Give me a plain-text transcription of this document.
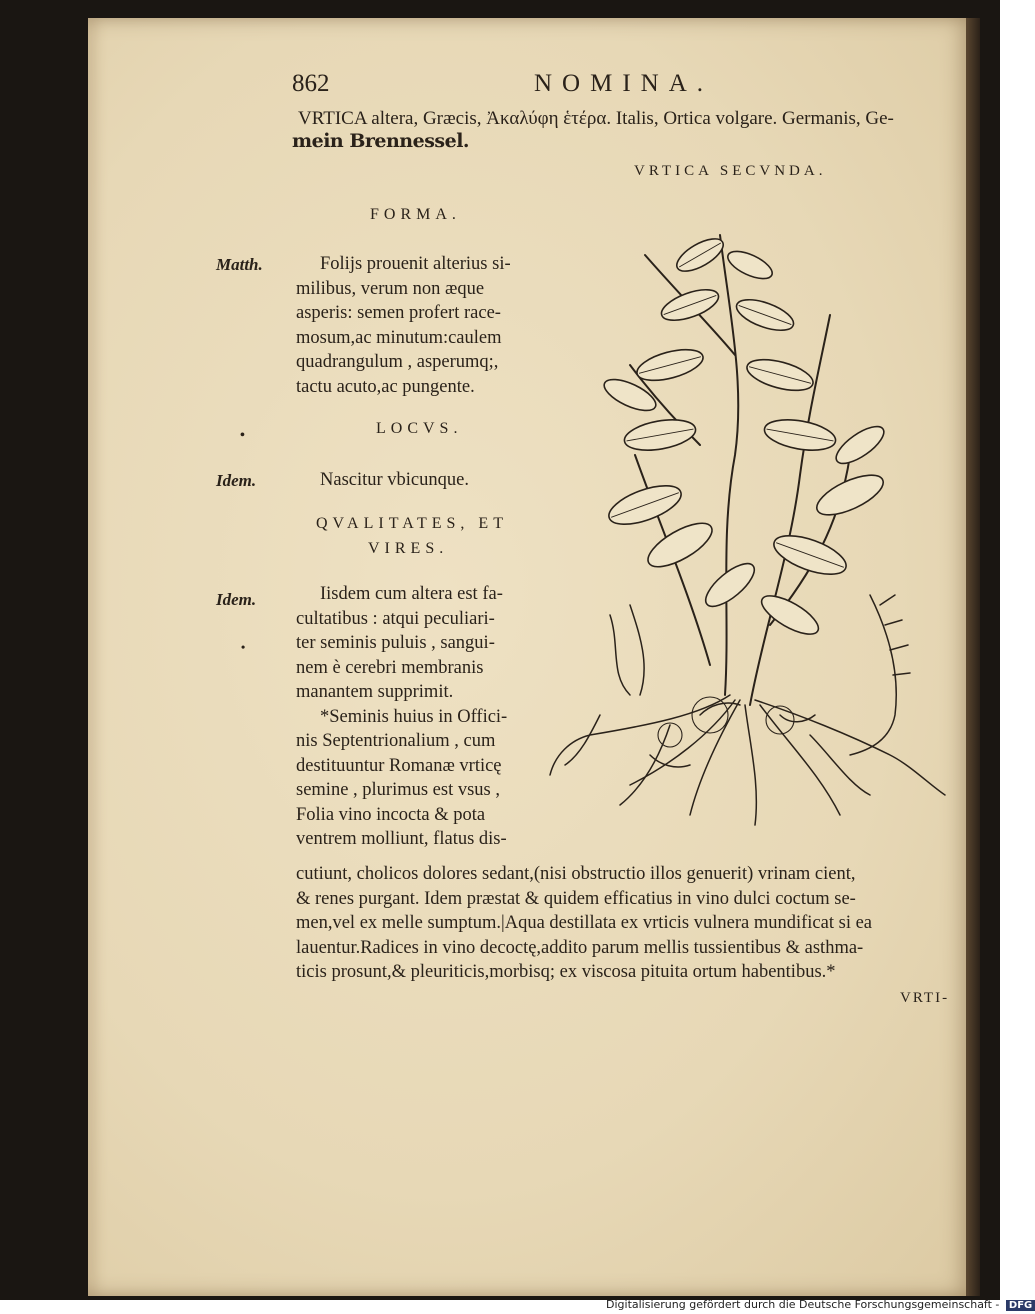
862	NOMINA.
VRTICA altera, Græcis, Ἀκαλύφη ἑτέρα. Italis, Ortica volgare. Germanis, Ge-
mein Brennessel.
VRTICA SECVNDA.
FORMA.
Matth.	Folijs prouenit alterius si-
milibus, verum non æque
asperis: semen profert race-
mosum,ac minutum:caulem
quadrangulum , asperumq;,
tactu acuto,ac pungente.
LOCVS.
•
Idem.	Nascitur vbicunque.
QVALITATES, ET
VIRES.
Idem.
•
Iisdem cum altera est fa-
cultatibus : atqui peculiari-
ter seminis puluis , sangui-
nem è cerebri membranis
manantem supprimit.
*Seminis huius in Offici-
nis Septentrionalium , cum
destituuntur Romanæ vrticę
semine , plurimus est vsus ,
Folia vino incocta & pota
ventrem molliunt, flatus dis-
cutiunt, cholicos dolores sedant,(nisi obstructio illos genuerit) vrinam cient,
& renes purgant. Idem præstat & quidem efficatius in vino dulci coctum se-
men,vel ex melle sumptum.|Aqua destillata ex vrticis vulnera mundificat si ea
lauentur.Radices in vino decoctę,addito parum mellis tussientibus & asthma-
ticis prosunt,& pleuriticis,morbisq; ex viscosa pituita ortum habentibus.*
VRTI-
Digitalisierung gefördert durch die Deutsche Forschungsgemeinschaft - DFG
